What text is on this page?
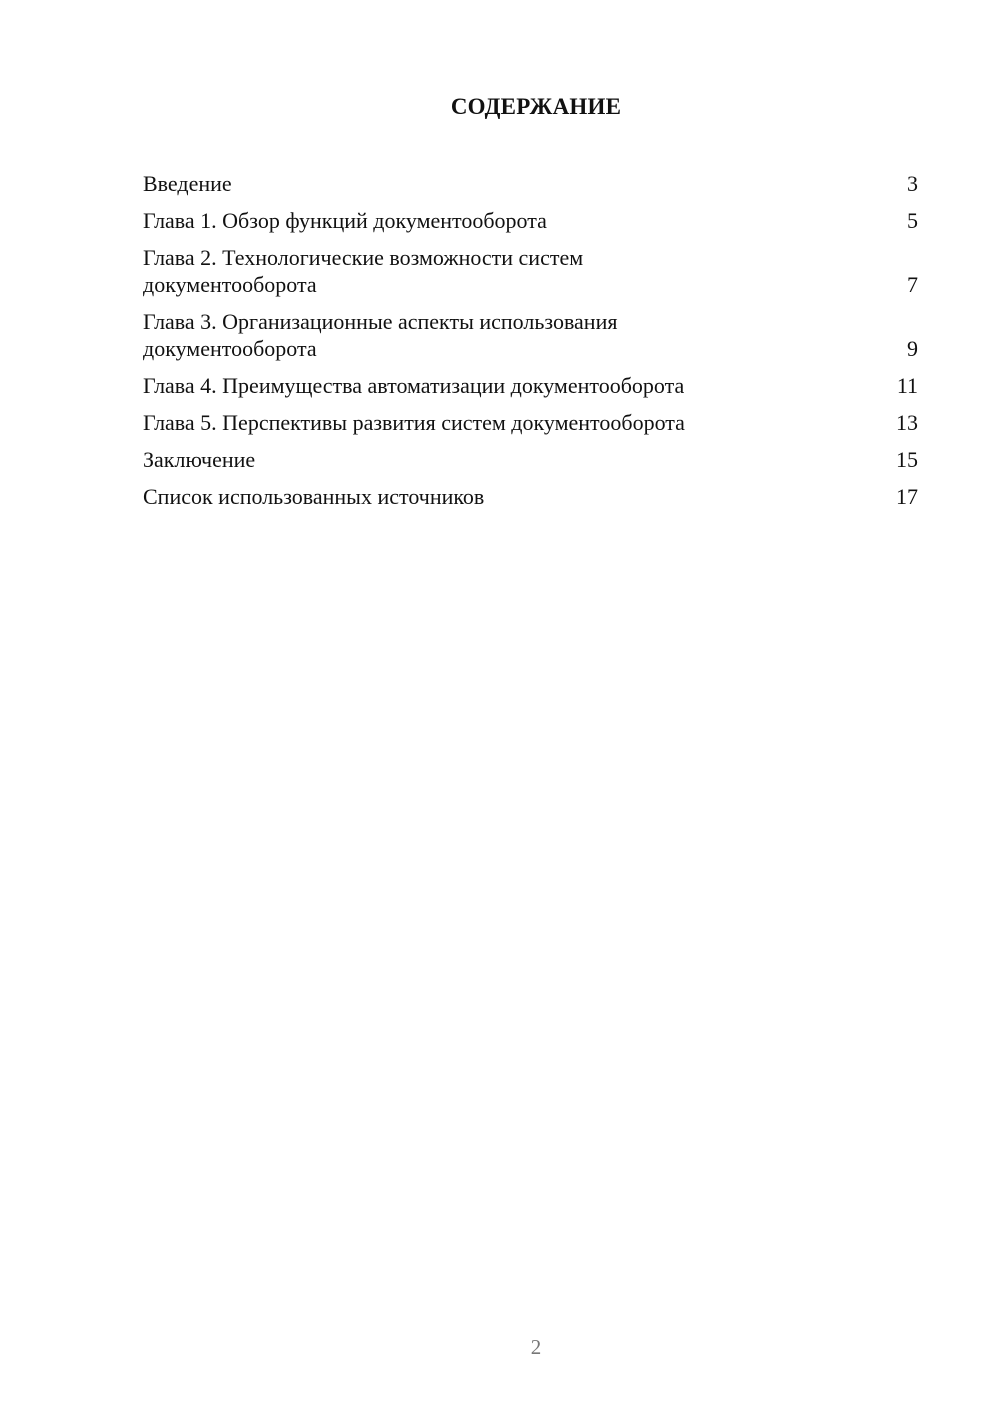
СОДЕРЖАНИЕ
Введение	3
Глава 1. Обзор функций документооборота	5
Глава 2. Технологические возможности систем
документооборота	7
Глава 3. Организационные аспекты использования
документооборота	9
Глава 4. Преимущества автоматизации документооборота	11
Глава 5. Перспективы развития систем документооборота	13
Заключение	15
Список использованных источников	17
2
